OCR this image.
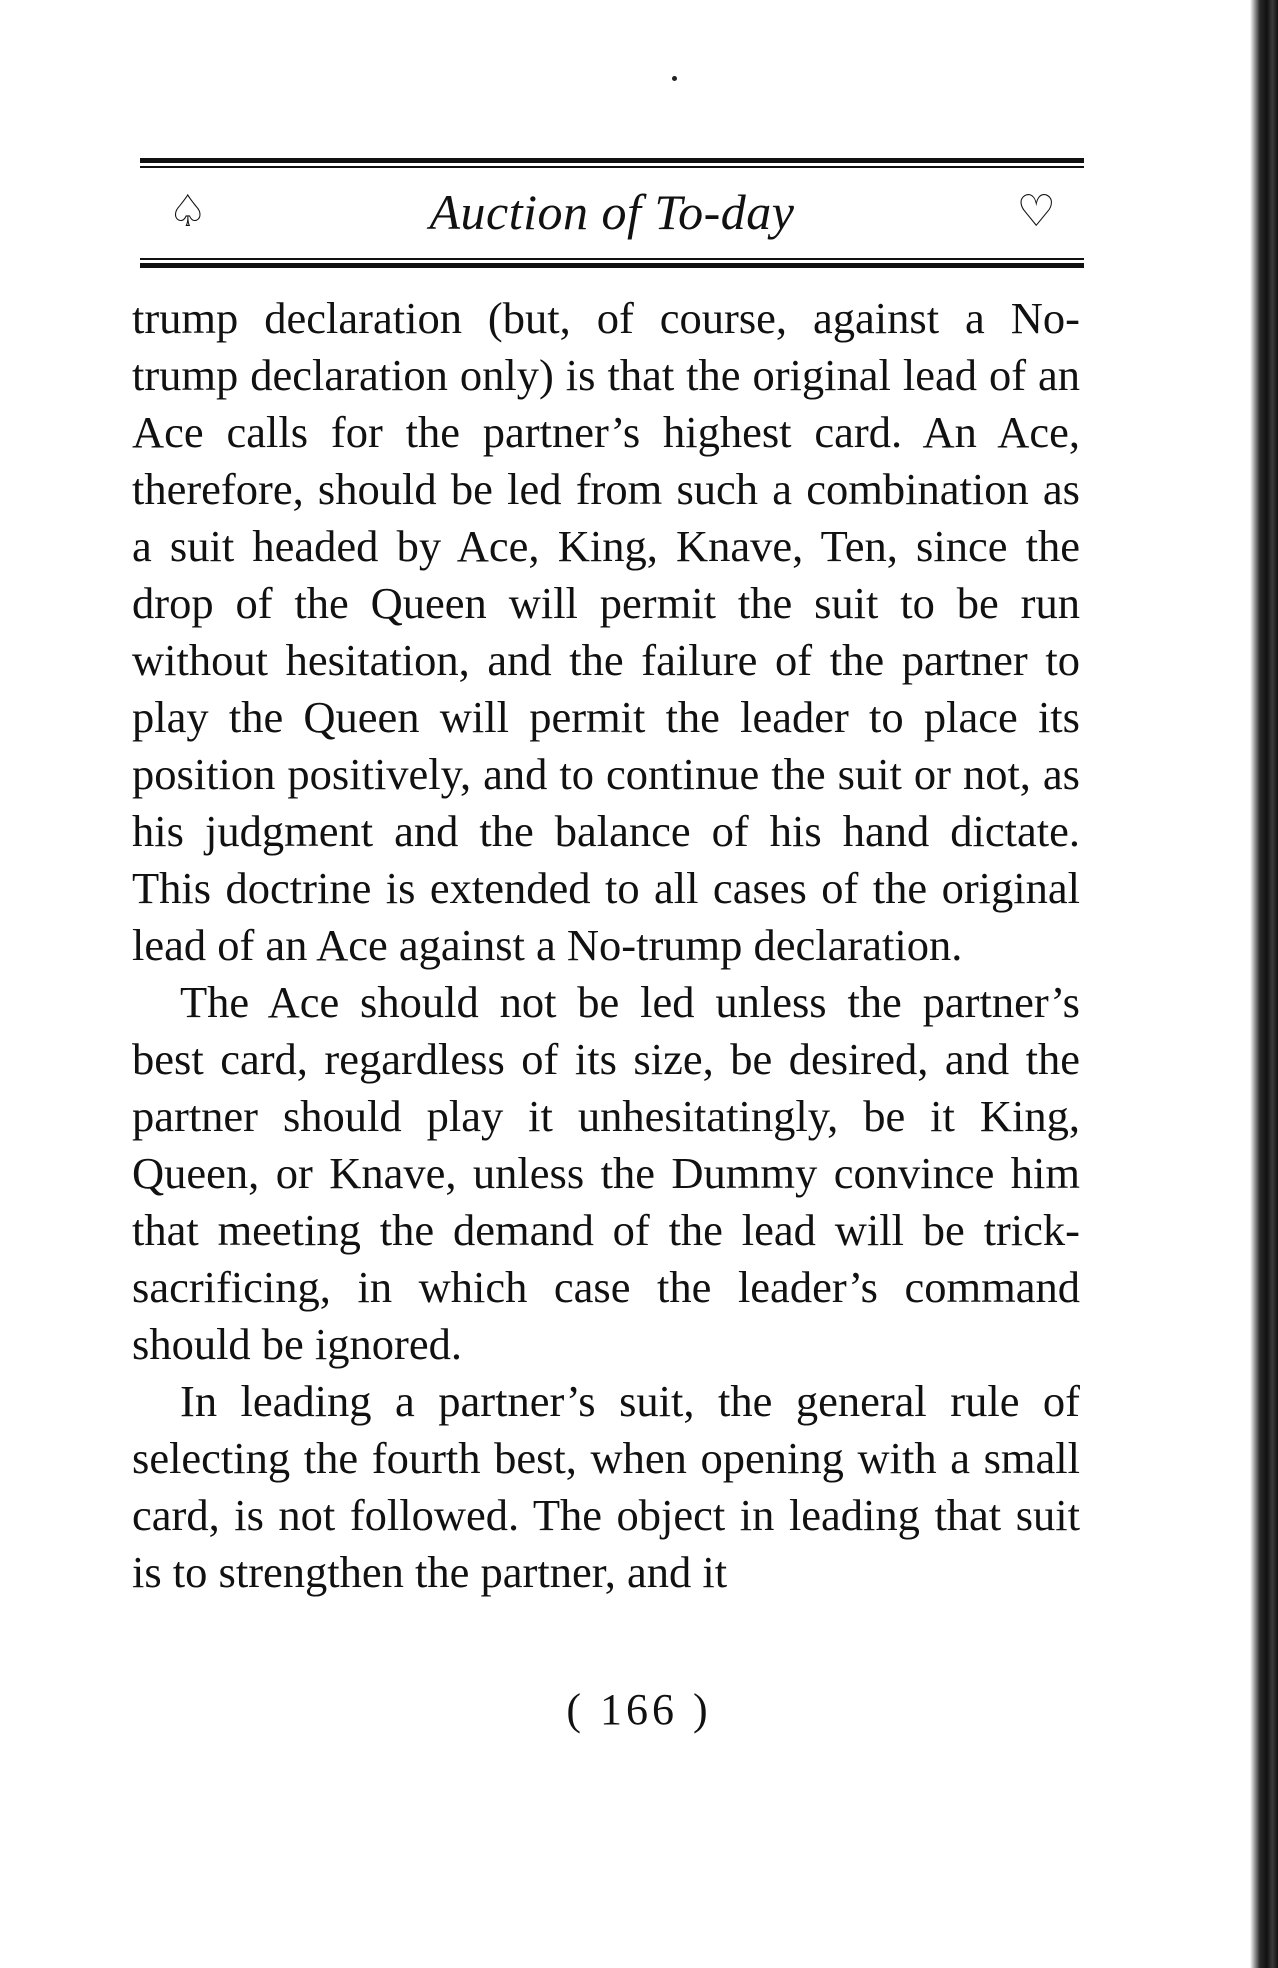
♤	Auction of To-day	♡

trump declaration (but, of course, against a No-trump declaration only) is that the original lead of an Ace calls for the partner’s highest card. An Ace, therefore, should be led from such a combination as a suit headed by Ace, King, Knave, Ten, since the drop of the Queen will permit the suit to be run without hesitation, and the failure of the partner to play the Queen will permit the leader to place its position positively, and to continue the suit or not, as his judgment and the balance of his hand dictate. This doctrine is extended to all cases of the original lead of an Ace against a No-trump declaration.

The Ace should not be led unless the partner’s best card, regardless of its size, be desired, and the partner should play it unhesitatingly, be it King, Queen, or Knave, unless the Dummy convince him that meeting the demand of the lead will be trick-sacrificing, in which case the leader’s command should be ignored.

In leading a partner’s suit, the general rule of selecting the fourth best, when opening with a small card, is not followed. The object in leading that suit is to strengthen the partner, and it

( 166 )
